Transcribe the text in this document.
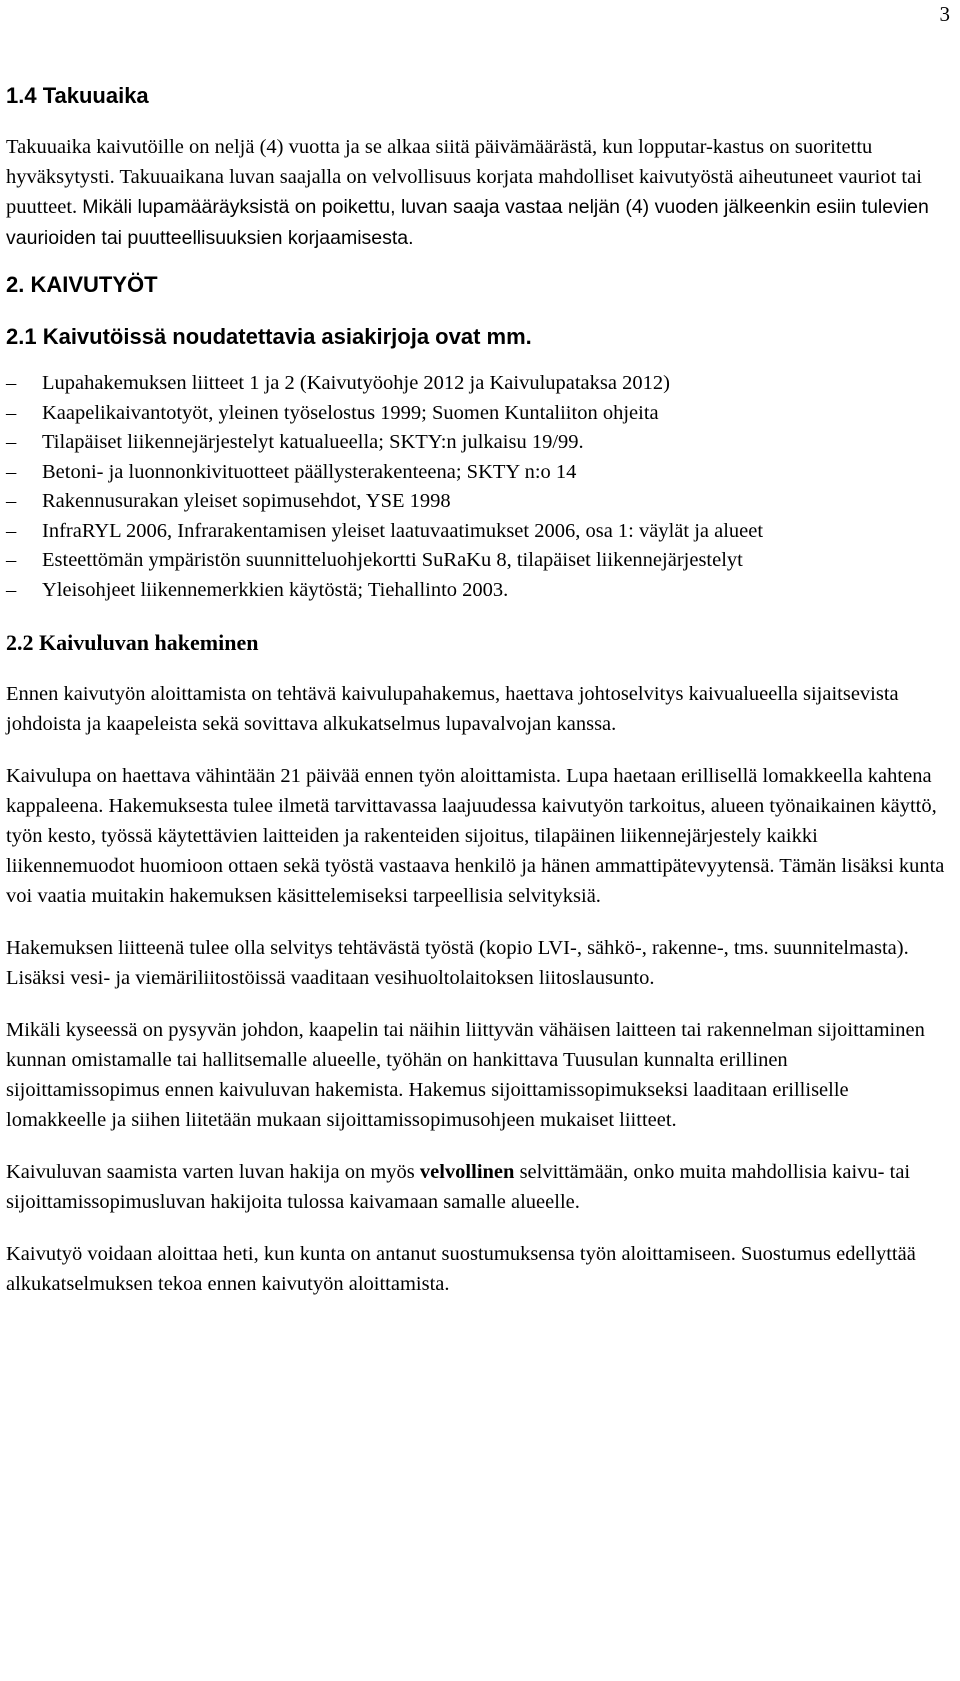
3
1.4 Takuuaika

Takuuaika kaivutöille on neljä (4) vuotta ja se alkaa siitä päivämäärästä, kun lopputar-kastus on suoritettu hyväksytysti. Takuuaikana luvan saajalla on velvollisuus korjata mahdolliset kaivutyöstä aiheutuneet vauriot tai puutteet. Mikäli lupamääräyksistä on poikettu, luvan saaja vastaa neljän (4) vuoden jälkeenkin esiin tulevien vaurioiden tai puutteellisuuksien korjaamisesta.

2. KAIVUTYÖT
2.1 Kaivutöissä noudatettavia asiakirjoja ovat mm.
– Lupahakemuksen liitteet 1 ja 2 (Kaivutyöohje 2012 ja Kaivulupataksa 2012)
– Kaapelikaivantotyöt, yleinen työselostus 1999; Suomen Kuntaliiton ohjeita
– Tilapäiset liikennejärjestelyt katualueella; SKTY:n julkaisu 19/99.
– Betoni- ja luonnonkivituotteet päällysterakenteena; SKTY n:o 14
– Rakennusurakan yleiset sopimusehdot, YSE 1998
– InfraRYL 2006, Infrarakentamisen yleiset laatuvaatimukset 2006, osa 1: väylät ja alueet
– Esteettömän ympäristön suunnitteluohjekortti SuRaKu 8, tilapäiset liikennejärjestelyt
– Yleisohjeet liikennemerkkien käytöstä; Tiehallinto 2003.
2.2 Kaivuluvan hakeminen

Ennen kaivutyön aloittamista on tehtävä kaivulupahakemus, haettava johtoselvitys kaivualueella sijaitsevista johdoista ja kaapeleista sekä sovittava alkukatselmus lupavalvojan kanssa.

Kaivulupa on haettava vähintään 21 päivää ennen työn aloittamista. Lupa haetaan erillisellä lomakkeella kahtena kappaleena. Hakemuksesta tulee ilmetä tarvittavassa laajuudessa kaivutyön tarkoitus, alueen työnaikainen käyttö, työn kesto, työssä käytettävien laitteiden ja rakenteiden sijoitus, tilapäinen liikennejärjestely kaikki liikennemuodot huomioon ottaen sekä työstä vastaava henkilö ja hänen ammattipätevyytensä. Tämän lisäksi kunta voi vaatia muitakin hakemuksen käsittelemiseksi tarpeellisia selvityksiä.

Hakemuksen liitteenä tulee olla selvitys tehtävästä työstä (kopio LVI-, sähkö-, rakenne-, tms. suunnitelmasta). Lisäksi vesi- ja viemäriliitostöissä vaaditaan vesihuoltolaitoksen liitoslausunto.

Mikäli kyseessä on pysyvän johdon, kaapelin tai näihin liittyvän vähäisen laitteen tai rakennelman sijoittaminen kunnan omistamalle tai hallitsemalle alueelle, työhän on hankittava Tuusulan kunnalta erillinen sijoittamissopimus ennen kaivuluvan hakemista. Hakemus sijoittamissopimukseksi laaditaan erilliselle lomakkeelle ja siihen liitetään mukaan sijoittamissopimusohjeen mukaiset liitteet.

Kaivuluvan saamista varten luvan hakija on myös velvollinen selvittämään, onko muita mahdollisia kaivu- tai sijoittamissopimusluvan hakijoita tulossa kaivamaan samalle alueelle.

Kaivutyö voidaan aloittaa heti, kun kunta on antanut suostumuksensa työn aloittamiseen. Suostumus edellyttää alkukatselmuksen tekoa ennen kaivutyön aloittamista.
